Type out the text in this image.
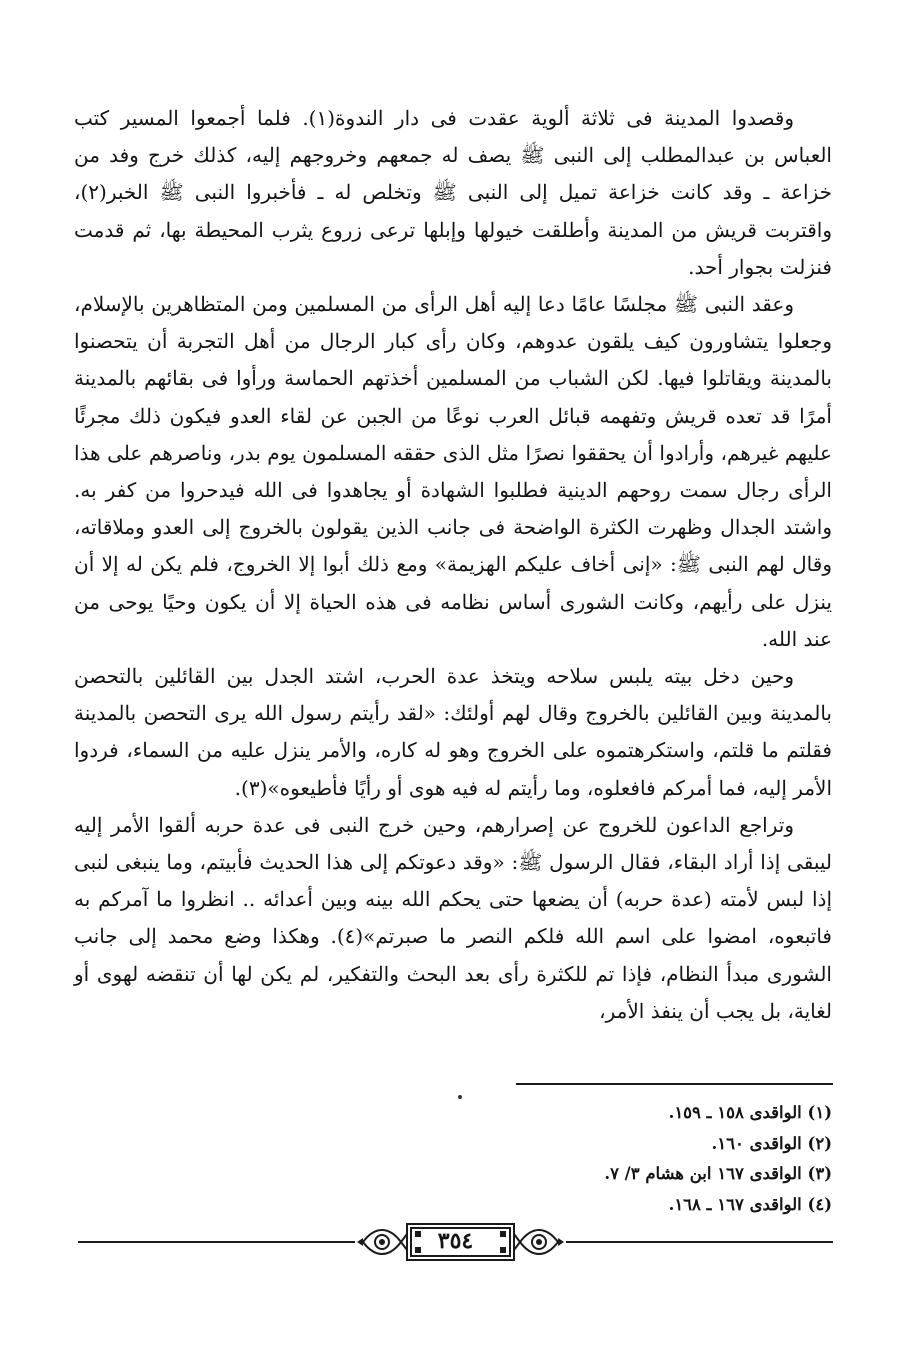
وقصدوا المدينة فى ثلاثة ألوية عقدت فى دار الندوة(١). فلما أجمعوا المسير كتب العباس بن عبدالمطلب إلى النبى ﷺ يصف له جمعهم وخروجهم إليه، كذلك خرج وفد من خزاعة ـ وقد كانت خزاعة تميل إلى النبى ﷺ وتخلص له ـ فأخبروا النبى ﷺ الخبر(٢)، واقتربت قريش من المدينة وأطلقت خيولها وإبلها ترعى زروع يثرب المحيطة بها، ثم قدمت فنزلت بجوار أحد.

وعقد النبى ﷺ مجلسًا عامًا دعا إليه أهل الرأى من المسلمين ومن المتظاهرين بالإسلام، وجعلوا يتشاورون كيف يلقون عدوهم، وكان رأى كبار الرجال من أهل التجربة أن يتحصنوا بالمدينة ويقاتلوا فيها. لكن الشباب من المسلمين أخذتهم الحماسة ورأوا فى بقائهم بالمدينة أمرًا قد تعده قريش وتفهمه قبائل العرب نوعًا من الجبن عن لقاء العدو فيكون ذلك مجرئًا عليهم غيرهم، وأرادوا أن يحققوا نصرًا مثل الذى حققه المسلمون يوم بدر، وناصرهم على هذا الرأى رجال سمت روحهم الدينية فطلبوا الشهادة أو يجاهدوا فى الله فيدحروا من كفر به. واشتد الجدال وظهرت الكثرة الواضحة فى جانب الذين يقولون بالخروج إلى العدو وملاقاته، وقال لهم النبى ﷺ: «إنى أخاف عليكم الهزيمة» ومع ذلك أبوا إلا الخروج، فلم يكن له إلا أن ينزل على رأيهم، وكانت الشورى أساس نظامه فى هذه الحياة إلا أن يكون وحيًا يوحى من عند الله.

وحين دخل بيته يلبس سلاحه ويتخذ عدة الحرب، اشتد الجدل بين القائلين بالتحصن بالمدينة وبين القائلين بالخروج وقال لهم أولئك: «لقد رأيتم رسول الله يرى التحصن بالمدينة فقلتم ما قلتم، واستكرهتموه على الخروج وهو له كاره، والأمر ينزل عليه من السماء، فردوا الأمر إليه، فما أمركم فافعلوه، وما رأيتم له فيه هوى أو رأيًا فأطيعوه»(٣).

وتراجع الداعون للخروج عن إصرارهم، وحين خرج النبى فى عدة حربه ألقوا الأمر إليه ليبقى إذا أراد البقاء، فقال الرسول ﷺ: «وقد دعوتكم إلى هذا الحديث فأبيتم، وما ينبغى لنبى إذا لبس لأمته (عدة حربه) أن يضعها حتى يحكم الله بينه وبين أعدائه .. انظروا ما آمركم به فاتبعوه، امضوا على اسم الله فلكم النصر ما صبرتم»(٤). وهكذا وضع محمد إلى جانب الشورى مبدأ النظام، فإذا تم للكثرة رأى بعد البحث والتفكير، لم يكن لها أن تنقضه لهوى أو لغاية، بل يجب أن ينفذ الأمر،

(١) الواقدى ١٥٨ ـ ١٥٩.
(٢) الواقدى ١٦٠.
(٣) الواقدى ١٦٧ ابن هشام ٣/ ٧.
(٤) الواقدى ١٦٧ ـ ١٦٨.
٣٥٤
